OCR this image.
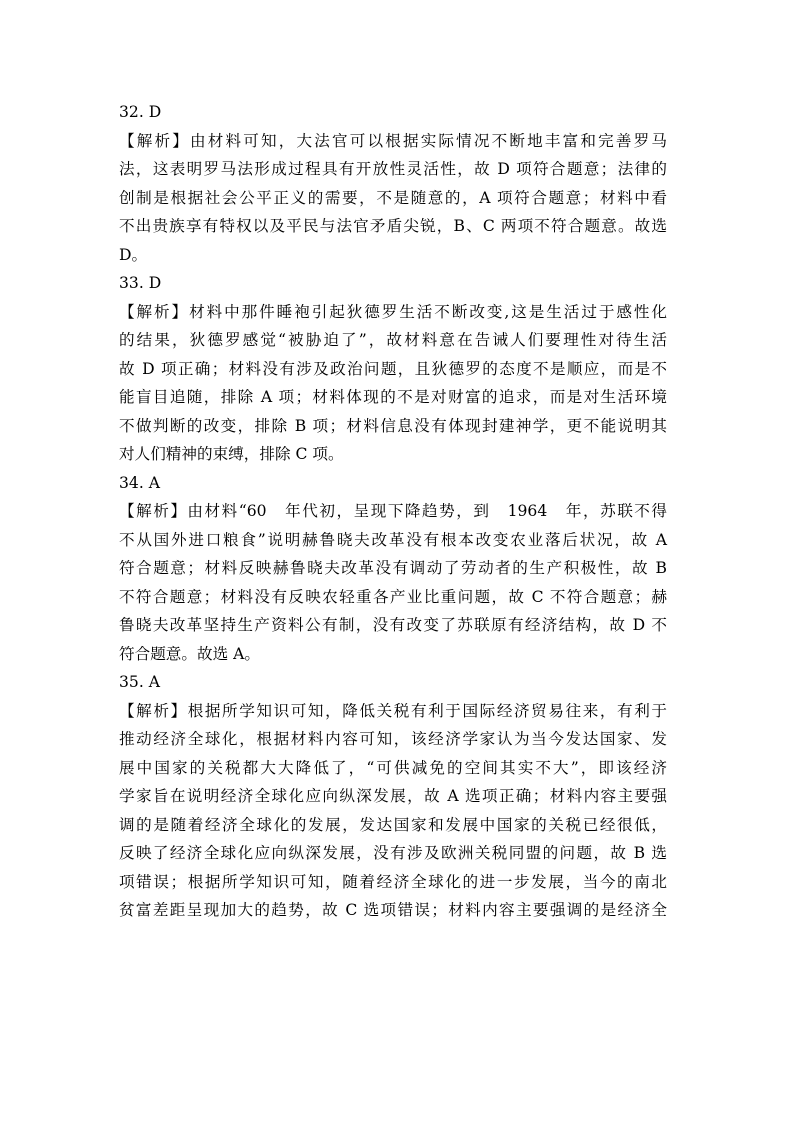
32. D
【解析】由材料可知，大法官可以根据实际情况不断地丰富和完善罗马
法，这表明罗马法形成过程具有开放性灵活性，故 D 项符合题意；法律的
创制是根据社会公平正义的需要，不是随意的，A 项符合题意；材料中看
不出贵族享有特权以及平民与法官矛盾尖锐，B、C 两项不符合题意。故选
D。
33. D
【解析】材料中那件睡袍引起狄德罗生活不断改变,这是生活过于感性化
的结果，狄德罗感觉“被胁迫了”，故材料意在告诫人们要理性对待生活
故 D 项正确；材料没有涉及政治问题，且狄德罗的态度不是顺应，而是不
能盲目追随，排除 A 项；材料体现的不是对财富的追求，而是对生活环境
不做判断的改变，排除 B 项；材料信息没有体现封建神学，更不能说明其
对人们精神的束缚，排除 C 项。
34. A
【解析】由材料“60　年代初，呈现下降趋势，到　1964　年，苏联不得
不从国外进口粮食”说明赫鲁晓夫改革没有根本改变农业落后状况，故 A
符合题意；材料反映赫鲁晓夫改革没有调动了劳动者的生产积极性，故 B
不符合题意；材料没有反映农轻重各产业比重问题，故 C 不符合题意；赫
鲁晓夫改革坚持生产资料公有制，没有改变了苏联原有经济结构，故 D 不
符合题意。故选 A。
35. A
【解析】根据所学知识可知，降低关税有利于国际经济贸易往来，有利于
推动经济全球化，根据材料内容可知，该经济学家认为当今发达国家、发
展中国家的关税都大大降低了，“可供减免的空间其实不大”，即该经济
学家旨在说明经济全球化应向纵深发展，故 A 选项正确；材料内容主要强
调的是随着经济全球化的发展，发达国家和发展中国家的关税已经很低，
反映了经济全球化应向纵深发展，没有涉及欧洲关税同盟的问题，故 B 选
项错误；根据所学知识可知，随着经济全球化的进一步发展，当今的南北
贫富差距呈现加大的趋势，故 C 选项错误；材料内容主要强调的是经济全
